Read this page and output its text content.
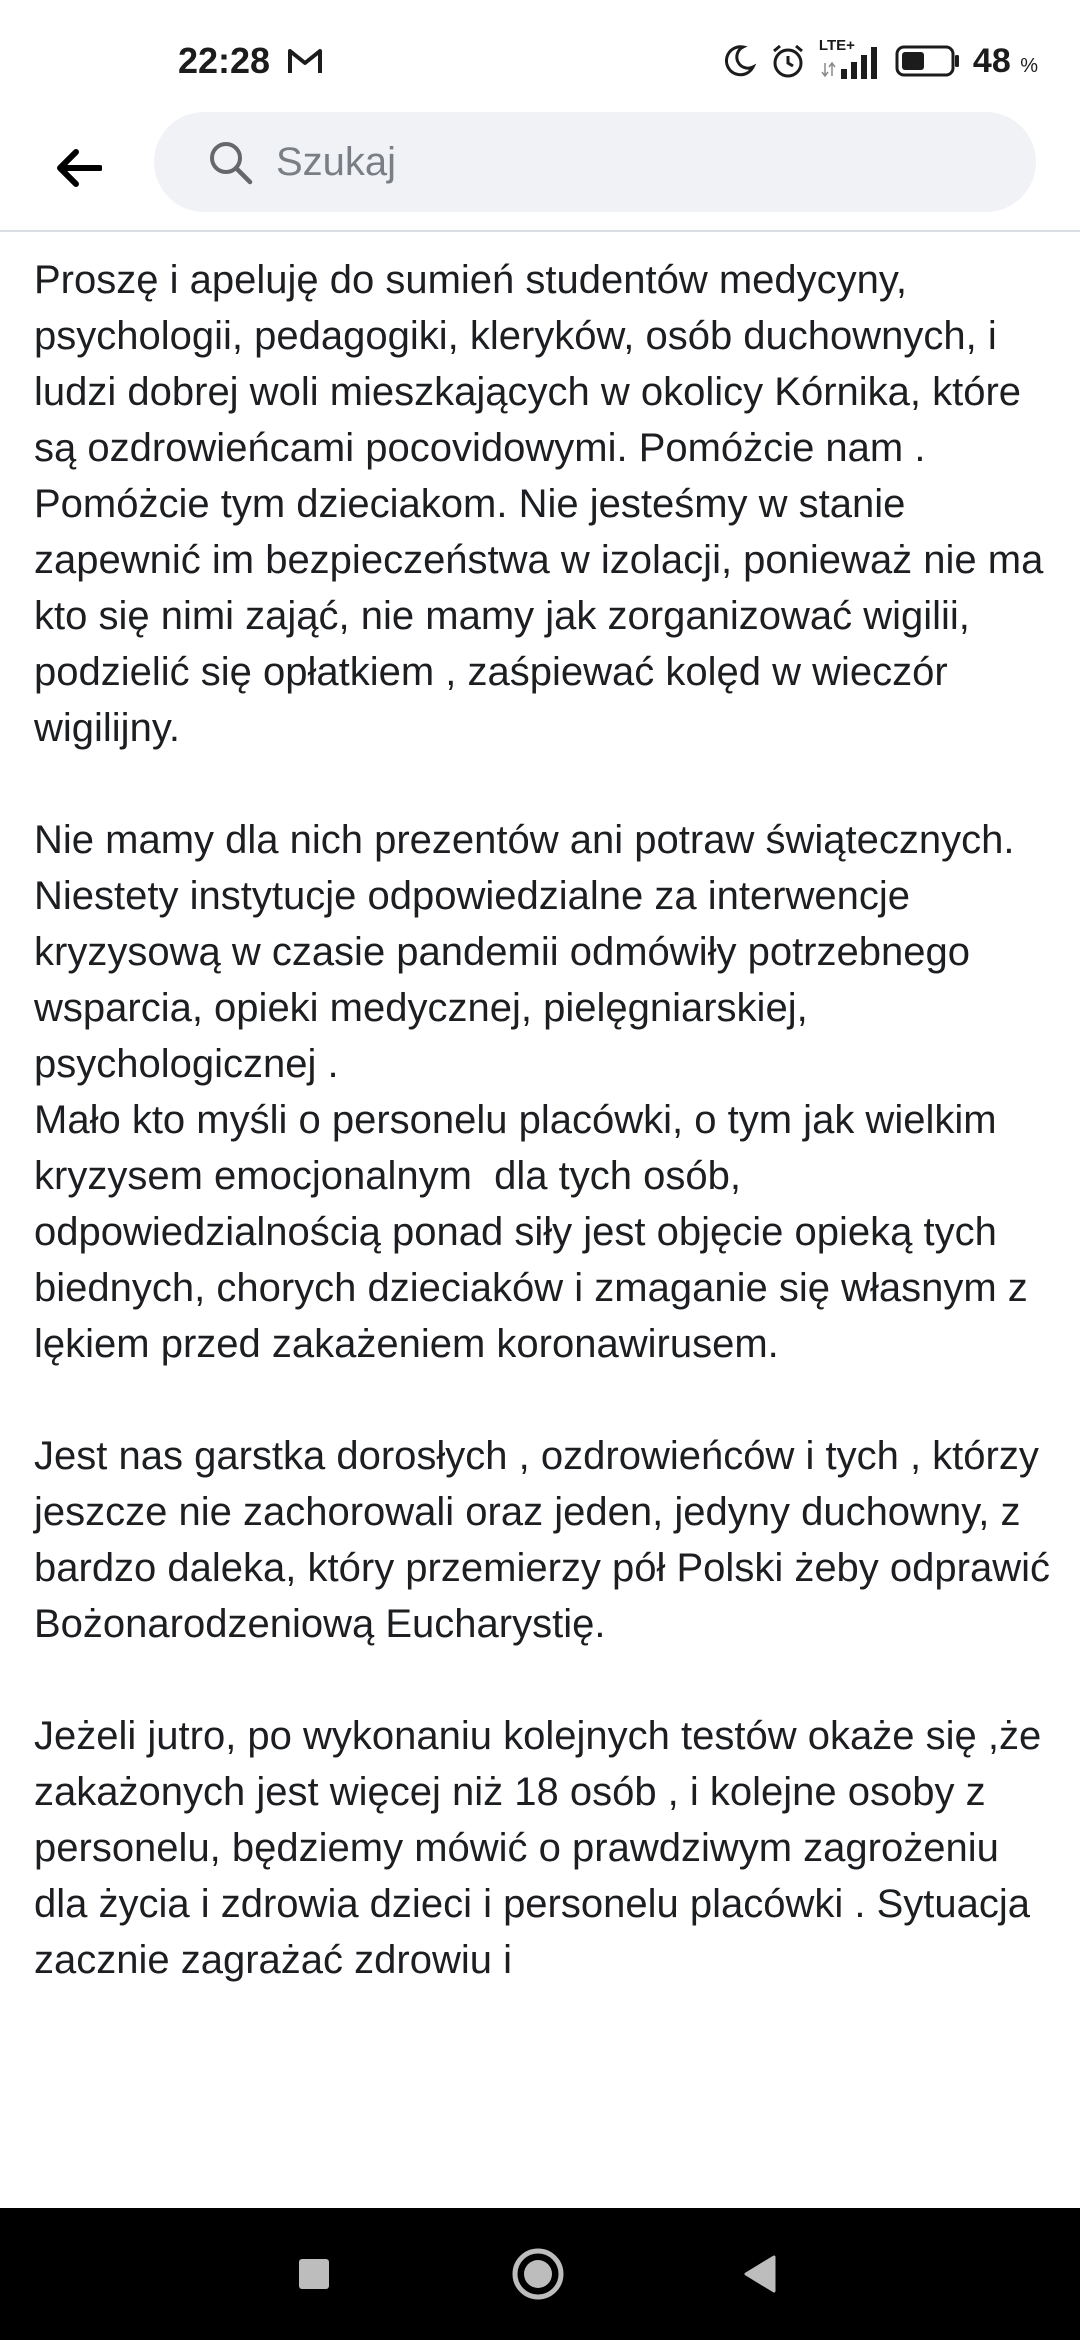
22:28	LTE+	48 %
Szukaj

Proszę i apeluję do sumień studentów medycyny, psychologii, pedagogiki, kleryków, osób duchownych, i ludzi dobrej woli mieszkających w okolicy Kórnika, które są ozdrowieńcami pocovidowymi. Pomóżcie nam . Pomóżcie tym dzieciakom. Nie jesteśmy w stanie zapewnić im bezpieczeństwa w izolacji, ponieważ nie ma kto się nimi zająć, nie mamy jak zorganizować wigilii, podzielić się opłatkiem , zaśpiewać kolęd w wieczór wigilijny.

Nie mamy dla nich prezentów ani potraw świątecznych.
Niestety instytucje odpowiedzialne za interwencje kryzysową w czasie pandemii odmówiły potrzebnego wsparcia, opieki medycznej, pielęgniarskiej, psychologicznej .
Mało kto myśli o personelu placówki, o tym jak wielkim kryzysem emocjonalnym  dla tych osób, odpowiedzialnością ponad siły jest objęcie opieką tych biednych, chorych dzieciaków i zmaganie się własnym z lękiem przed zakażeniem koronawirusem.

Jest nas garstka dorosłych , ozdrowieńców i tych , którzy jeszcze nie zachorowali oraz jeden, jedyny duchowny, z bardzo daleka, który przemierzy pół Polski żeby odprawić Bożonarodzeniową Eucharystię.

Jeżeli jutro, po wykonaniu kolejnych testów okaże się ,że zakażonych jest więcej niż 18 osób , i kolejne osoby z personelu, będziemy mówić o prawdziwym zagrożeniu dla życia i zdrowia dzieci i personelu placówki . Sytuacja zacznie zagrażać zdrowiu i
